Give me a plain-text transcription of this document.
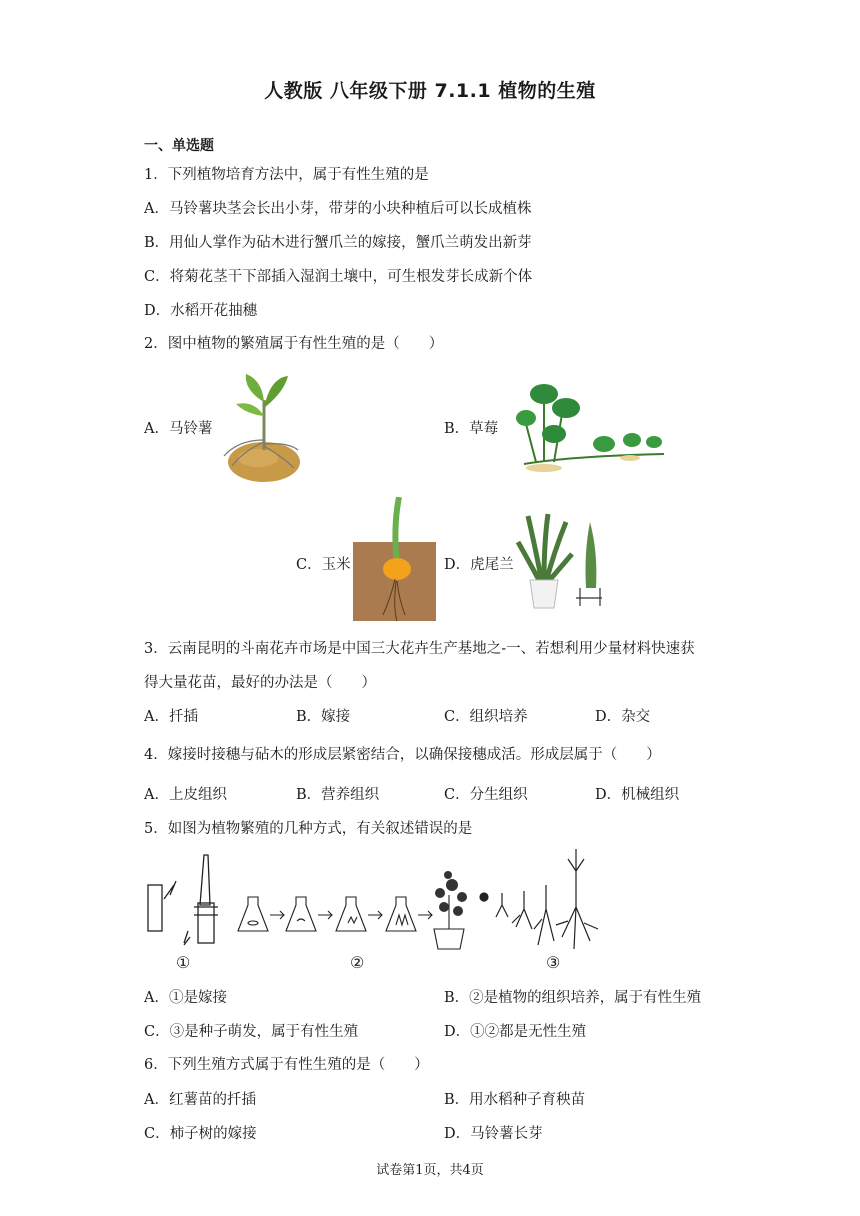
人教版 八年级下册 7.1.1 植物的生殖
一、单选题
1．下列植物培育方法中，属于有性生殖的是
A．马铃薯块茎会长出小芽，带芽的小块种植后可以长成植株
B．用仙人掌作为砧木进行蟹爪兰的嫁接，蟹爪兰萌发出新芽
C．将菊花茎干下部插入湿润土壤中，可生根发芽长成新个体
D．水稻开花抽穗
2．图中植物的繁殖属于有性生殖的是（　　）
A．马铃薯	B．草莓
C．玉米	D．虎尾兰
3．云南昆明的斗南花卉市场是中国三大花卉生产基地之-一、若想利用少量材料快速获
得大量花苗，最好的办法是（　　）
A．扦插	B．嫁接	C．组织培养	D．杂交
4．嫁接时接穗与砧木的形成层紧密结合，以确保接穗成活。形成层属于（　　）
A．上皮组织	B．营养组织	C．分生组织	D．机械组织
5．如图为植物繁殖的几种方式，有关叙述错误的是
①	②	③
A．①是嫁接	B．②是植物的组织培养，属于有性生殖
C．③是种子萌发，属于有性生殖	D．①②都是无性生殖
6．下列生殖方式属于有性生殖的是（　　）
A．红薯苗的扦插	B．用水稻种子育秧苗
C．柿子树的嫁接	D．马铃薯长芽
试卷第1页，共4页
